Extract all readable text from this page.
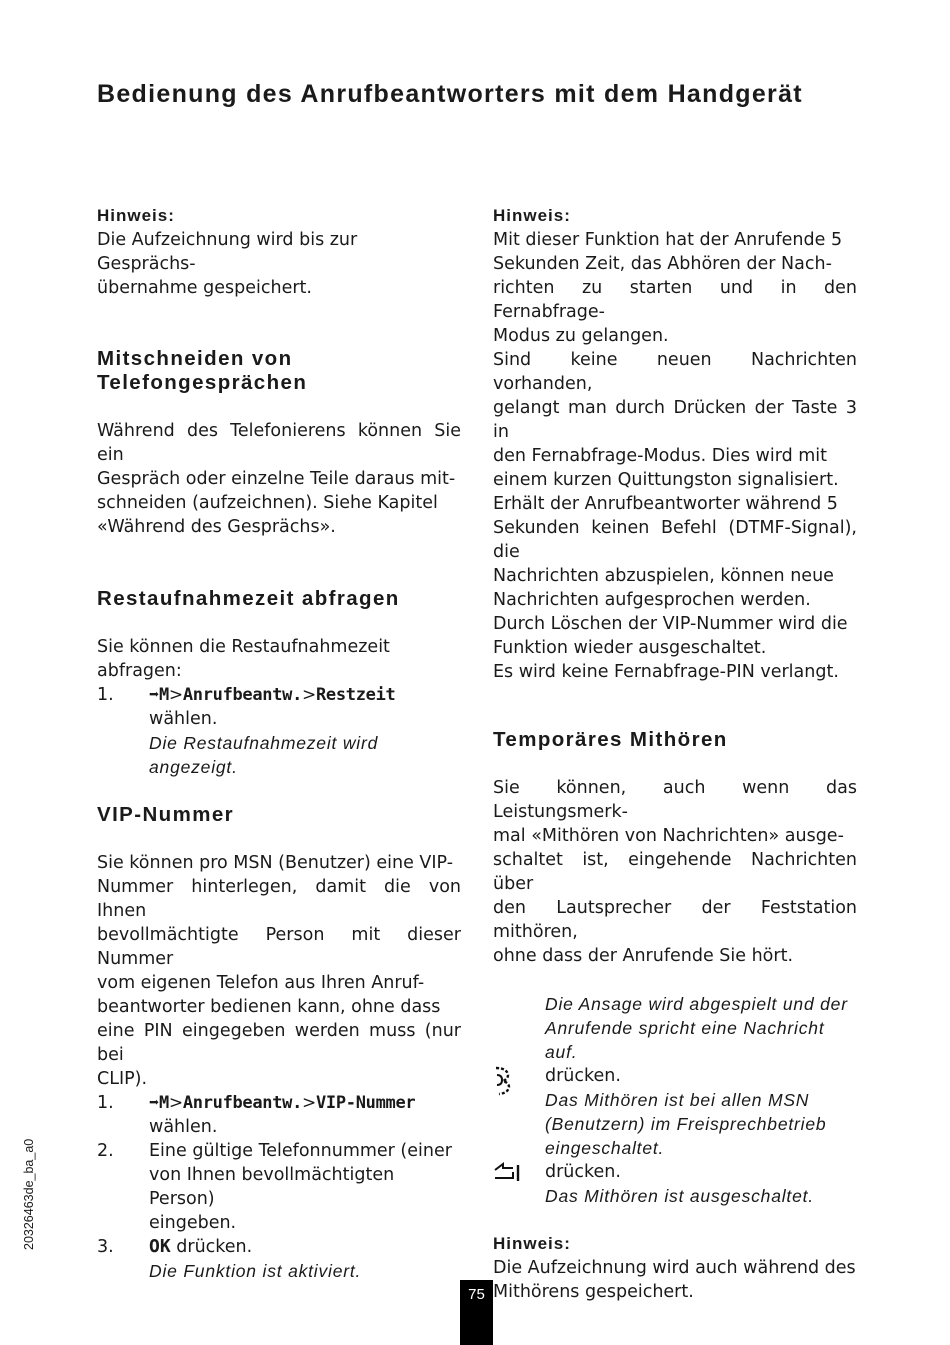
Bedienung des Anrufbeantworters mit dem Handgerät
Hinweis:

Die Aufzeichnung wird bis zur Gesprächs-

übernahme gespeichert.

Mitschneiden von
Telefongesprächen

Während des Telefonierens können Sie ein

Gespräch oder einzelne Teile daraus mit-

schneiden (aufzeichnen). Siehe Kapitel

«Während des Gesprächs».

Restaufnahmezeit abfragen

Sie können die Restaufnahmezeit abfragen:

1.	➡M>Anrufbeantw.>Restzeit

wählen.

Die Restaufnahmezeit wird
angezeigt.
VIP-Nummer

Sie können pro MSN (Benutzer) eine VIP-

Nummer hinterlegen, damit die von Ihnen

bevollmächtigte Person mit dieser Nummer

vom eigenen Telefon aus Ihren Anruf-

beantworter bedienen kann, ohne dass

eine PIN eingegeben werden muss (nur bei

CLIP).

1.	➡M>Anrufbeantw.>VIP-Nummer

wählen.

2.	Eine gültige Telefonnummer (einer

von Ihnen bevollmächtigten Person)

eingeben.

3.	OK drücken.

Die Funktion ist aktiviert.
Hinweis:

Mit dieser Funktion hat der Anrufende 5

Sekunden Zeit, das Abhören der Nach-

richten zu starten und in den Fernabfrage-

Modus zu gelangen.

Sind keine neuen Nachrichten vorhanden,

gelangt man durch Drücken der Taste 3 in

den Fernabfrage-Modus. Dies wird mit

einem kurzen Quittungston signalisiert.

Erhält der Anrufbeantworter während 5

Sekunden keinen Befehl (DTMF-Signal), die

Nachrichten abzuspielen, können neue

Nachrichten aufgesprochen werden.

Durch Löschen der VIP-Nummer wird die

Funktion wieder ausgeschaltet.

Es wird keine Fernabfrage-PIN verlangt.

Temporäres Mithören

Sie können, auch wenn das Leistungsmerk-

mal «Mithören von Nachrichten» ausge-

schaltet ist, eingehende Nachrichten über

den Lautsprecher der Feststation mithören,

ohne dass der Anrufende Sie hört.

Die Ansage wird abgespielt und der
Anrufende spricht eine Nachricht
auf.

drücken.

Das Mithören ist bei allen MSN
(Benutzern) im Freisprechbetrieb
eingeschaltet.

drücken.

Das Mithören ist ausgeschaltet.
Hinweis:

Die Aufzeichnung wird auch während des

Mithörens gespeichert.

20326463de_ba_a0
75
